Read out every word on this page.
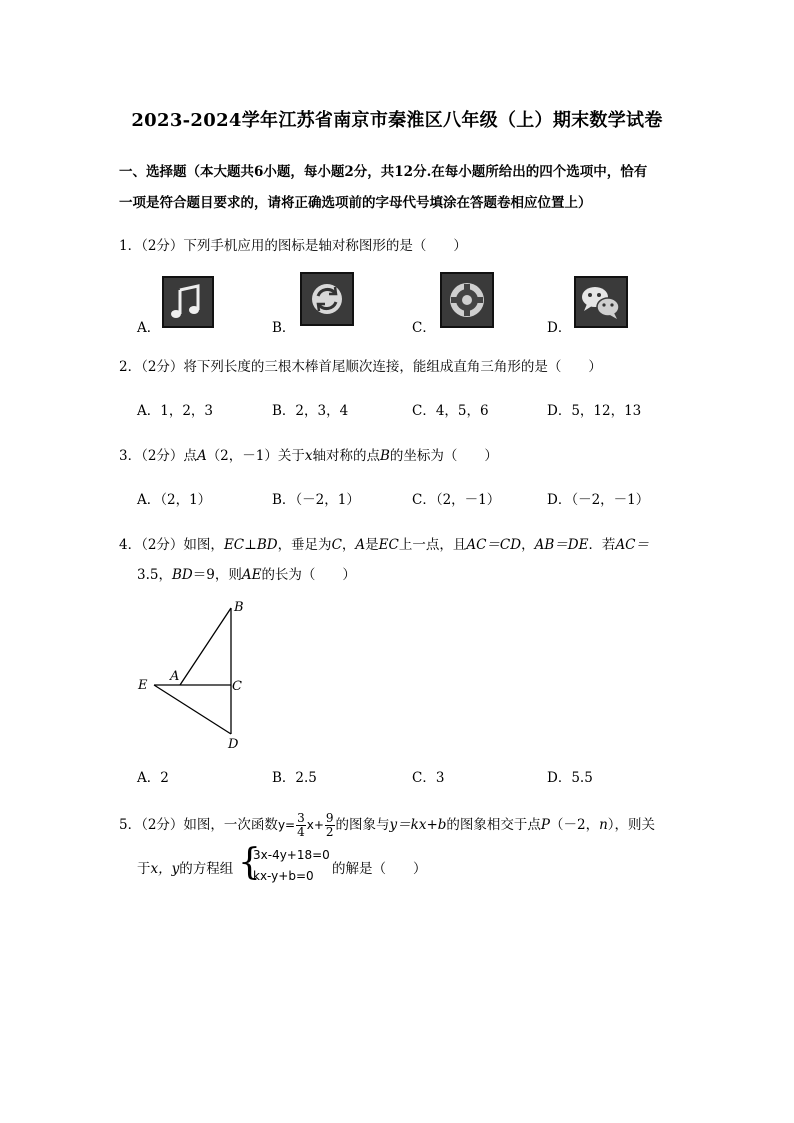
2023-2024学年江苏省南京市秦淮区八年级（上）期末数学试卷
一、选择题（本大题共6小题，每小题2分，共12分.在每小题所给出的四个选项中，恰有
一项是符合题目要求的，请将正确选项前的字母代号填涂在答题卷相应位置上）
1．（2分）下列手机应用的图标是轴对称图形的是（　　）
A．	B．	C．	D．
2．（2分）将下列长度的三根木棒首尾顺次连接，能组成直角三角形的是（　　）
A．1，2，3	B．2，3，4	C．4，5，6	D．5，12，13
3．（2分）点A（2，－1）关于x轴对称的点B的坐标为（　　）
A．（2，1）	B．（－2，1）	C．（2，－1）	D．（－2，－1）
4．（2分）如图，EC⊥BD，垂足为C，A是EC上一点，且AC＝CD，AB＝DE．若AC＝
3.5，BD＝9，则AE的长为（　　）
B
A
E	C
D
A．2	B．2.5	C．3	D．5.5
5．（2分）如图，一次函数$y= \frac{3}{4} x+ \frac{9}{2}$ 的图象与y＝kx+b的图象相交于点P（－2，n），则关
于x，y的方程组 {
3x-4y+18=0
kx-y+b=0 的解是（　　）
